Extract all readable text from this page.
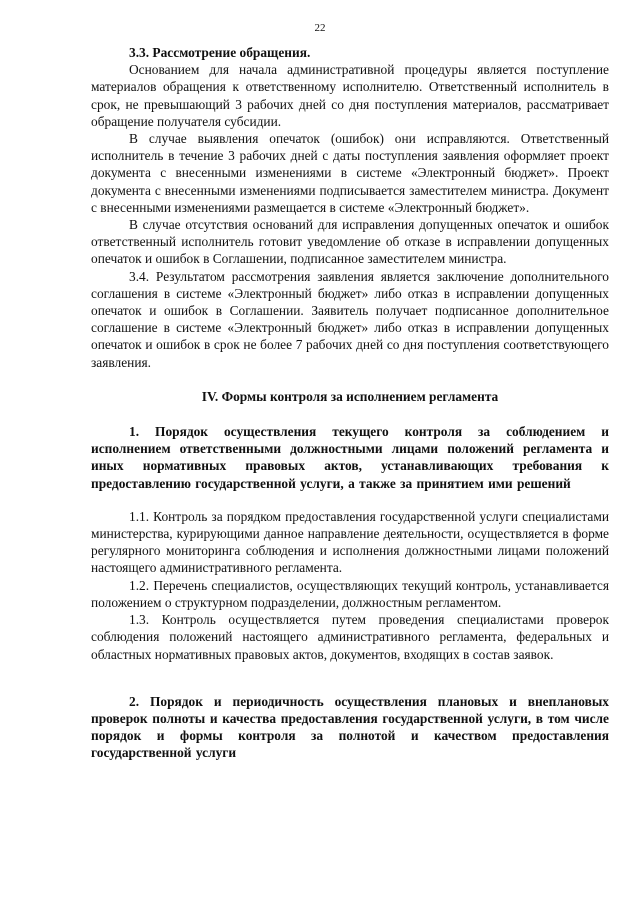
22

3.3. Рассмотрение обращения.

Основанием для начала административной процедуры является поступление материалов обращения к ответственному исполнителю. Ответственный исполнитель в срок, не превышающий 3 рабочих дней со дня поступления материалов, рассматривает обращение получателя субсидии.

В случае выявления опечаток (ошибок) они исправляются. Ответственный исполнитель в течение 3 рабочих дней с даты поступления заявления оформляет проект документа с внесенными изменениями в системе «Электронный бюджет». Проект документа с внесенными изменениями подписывается заместителем министра. Документ с внесенными изменениями размещается в системе «Электронный бюджет».

В случае отсутствия оснований для исправления допущенных опечаток и ошибок ответственный исполнитель готовит уведомление об отказе в исправлении допущенных опечаток и ошибок в Соглашении, подписанное заместителем министра.

3.4. Результатом рассмотрения заявления является заключение дополнительного соглашения в системе «Электронный бюджет» либо отказ в исправлении допущенных опечаток и ошибок в Соглашении. Заявитель получает подписанное дополнительное соглашение в системе «Электронный бюджет» либо отказ в исправлении допущенных опечаток и ошибок в срок не более 7 рабочих дней со дня поступления соответствующего заявления.

IV. Формы контроля за исполнением регламента

1. Порядок осуществления текущего контроля за соблюдением и исполнением ответственными должностными лицами положений регламента и иных нормативных правовых актов, устанавливающих требования к предоставлению государственной услуги, а также за принятием ими решений

1.1. Контроль за порядком предоставления государственной услуги специалистами министерства, курирующими данное направление деятельности, осуществляется в форме регулярного мониторинга соблюдения и исполнения должностными лицами положений настоящего административного регламента.

1.2. Перечень специалистов, осуществляющих текущий контроль, устанавливается положением о структурном подразделении, должностным регламентом.

1.3. Контроль осуществляется путем проведения специалистами проверок соблюдения положений настоящего административного регламента, федеральных и областных нормативных правовых актов, документов, входящих в состав заявок.

2. Порядок и периодичность осуществления плановых и внеплановых проверок полноты и качества предоставления государственной услуги, в том числе порядок и формы контроля за полнотой и качеством предоставления государственной услуги
